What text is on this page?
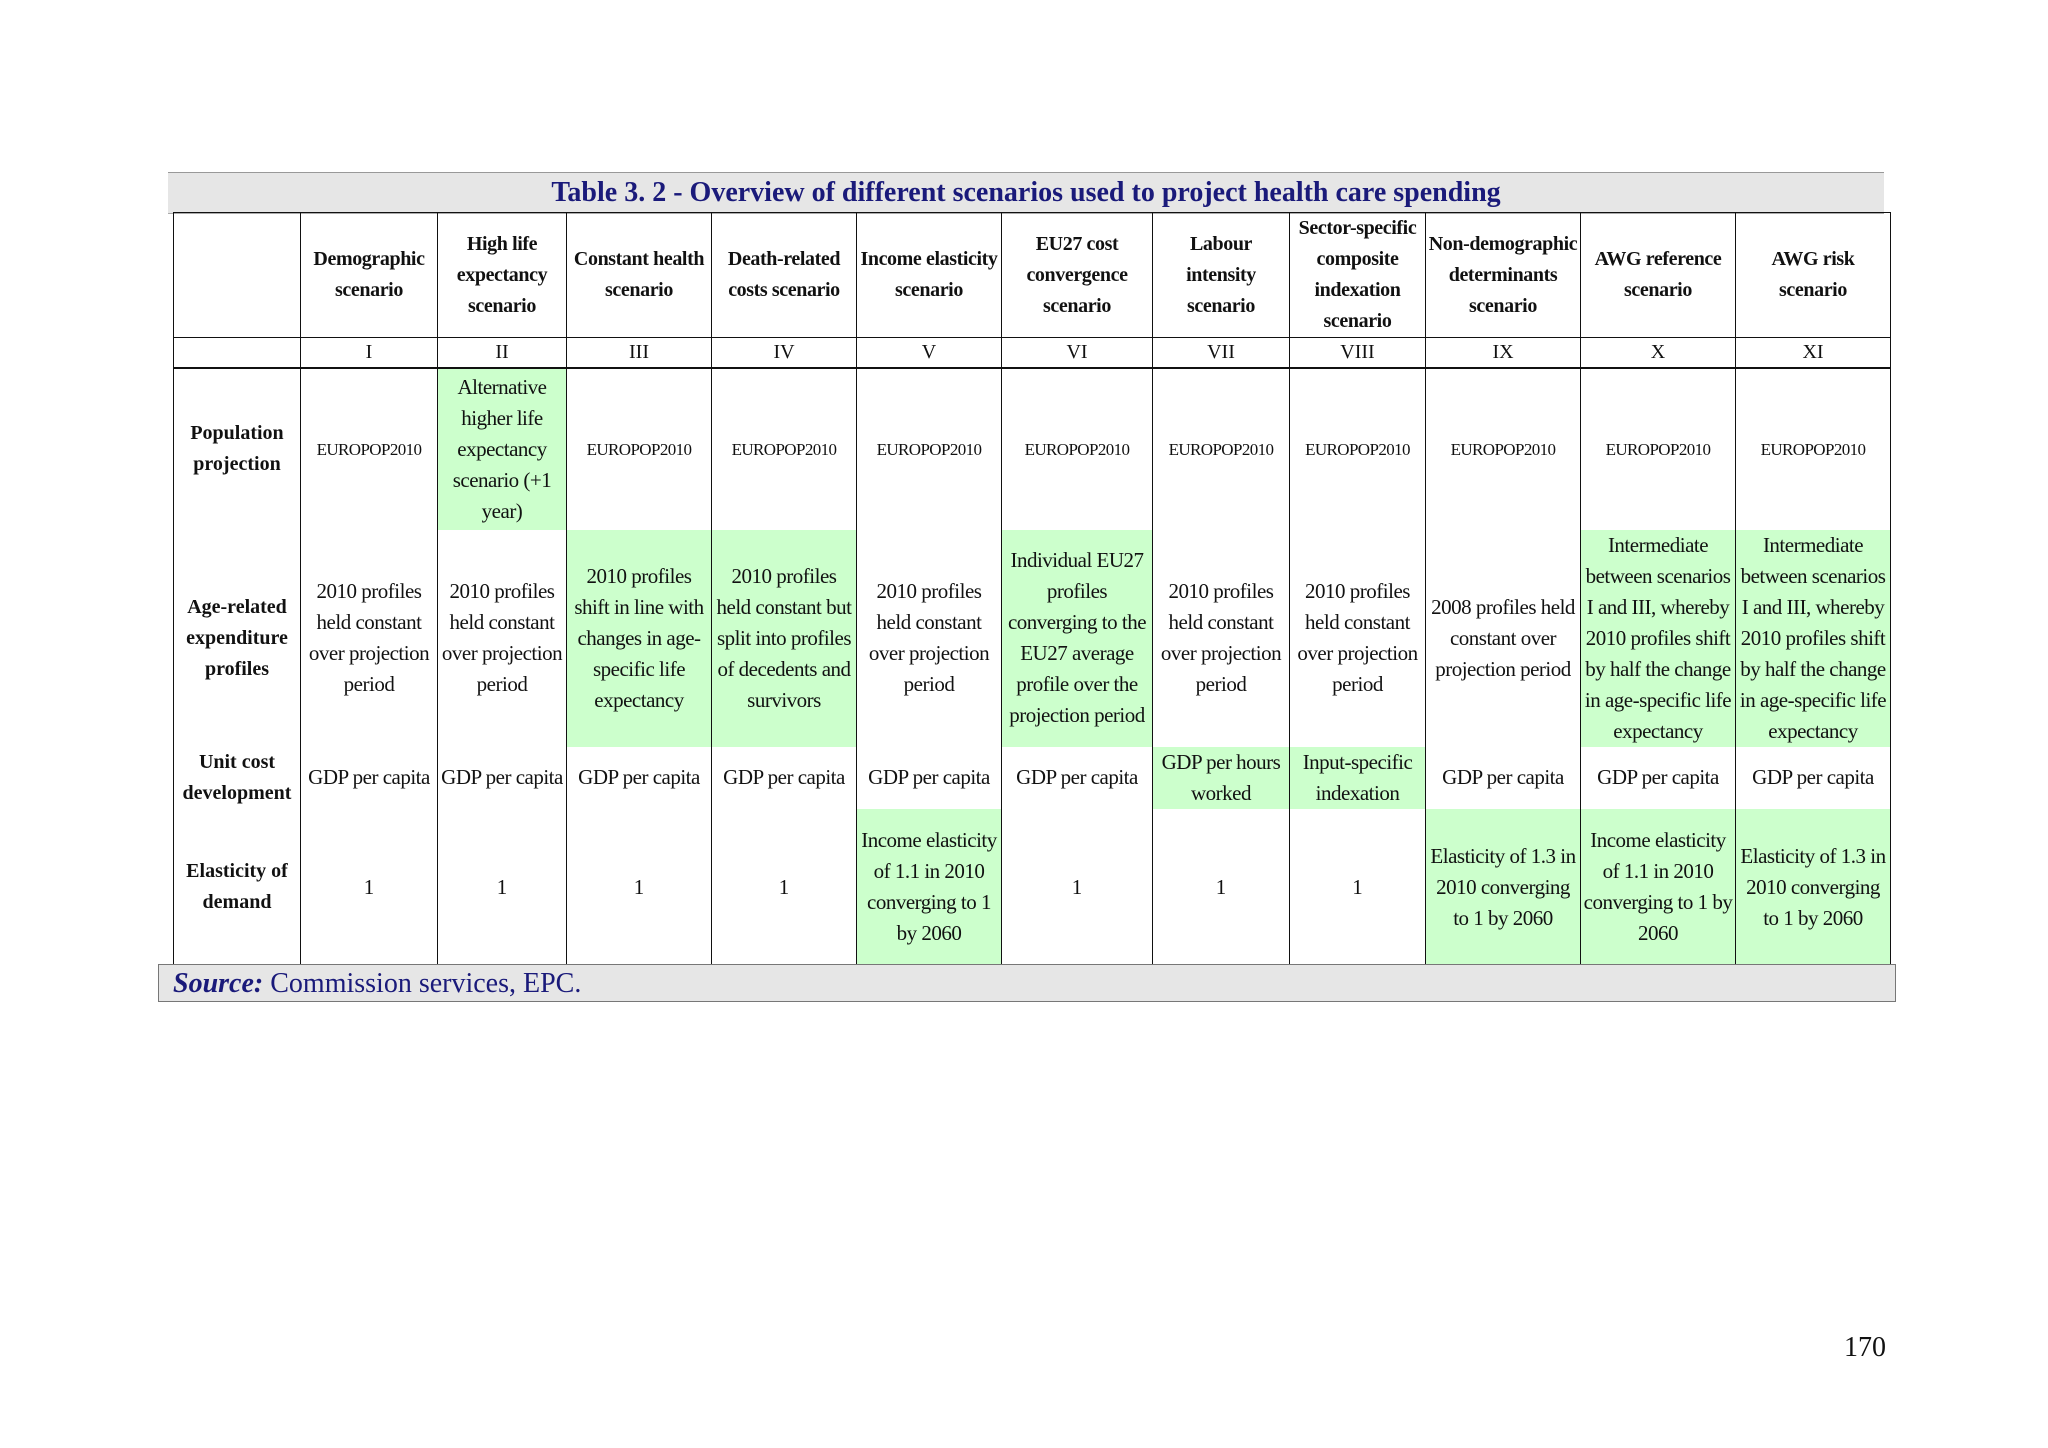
Table 3. 2 - Overview of different scenarios used to project health care spending
	Demographic scenario	High life expectancy scenario	Constant health scenario	Death-related costs scenario	Income elasticity scenario	EU27 cost convergence scenario	Labour intensity scenario	Sector-specific composite indexation scenario	Non-demographic determinants scenario	AWG reference scenario	AWG risk scenario
	I	II	III	IV	V	VI	VII	VIII	IX	X	XI
Population projection	EUROPOP2010	Alternative higher life expectancy scenario (+1 year)	EUROPOP2010	EUROPOP2010	EUROPOP2010	EUROPOP2010	EUROPOP2010	EUROPOP2010	EUROPOP2010	EUROPOP2010	EUROPOP2010
Age-related expenditure profiles	2010 profiles held constant over projection period	2010 profiles held constant over projection period	2010 profiles shift in line with changes in age-specific life expectancy	2010 profiles held constant but split into profiles of decedents and survivors	2010 profiles held constant over projection period	Individual EU27 profiles converging to the EU27 average profile over the projection period	2010 profiles held constant over projection period	2010 profiles held constant over projection period	2008 profiles held constant over projection period	Intermediate between scenarios I and III, whereby 2010 profiles shift by half the change in age-specific life expectancy	Intermediate between scenarios I and III, whereby 2010 profiles shift by half the change in age-specific life expectancy
Unit cost development	GDP per capita	GDP per capita	GDP per capita	GDP per capita	GDP per capita	GDP per capita	GDP per hours worked	Input-specific indexation	GDP per capita	GDP per capita	GDP per capita
Elasticity of demand	1	1	1	1	Income elasticity of 1.1 in 2010 converging to 1 by 2060	1	1	1	Elasticity of 1.3 in 2010 converging to 1 by 2060	Income elasticity of 1.1 in 2010 converging to 1 by 2060	Elasticity of 1.3 in 2010 converging to 1 by 2060
Source: Commission services, EPC.
170
